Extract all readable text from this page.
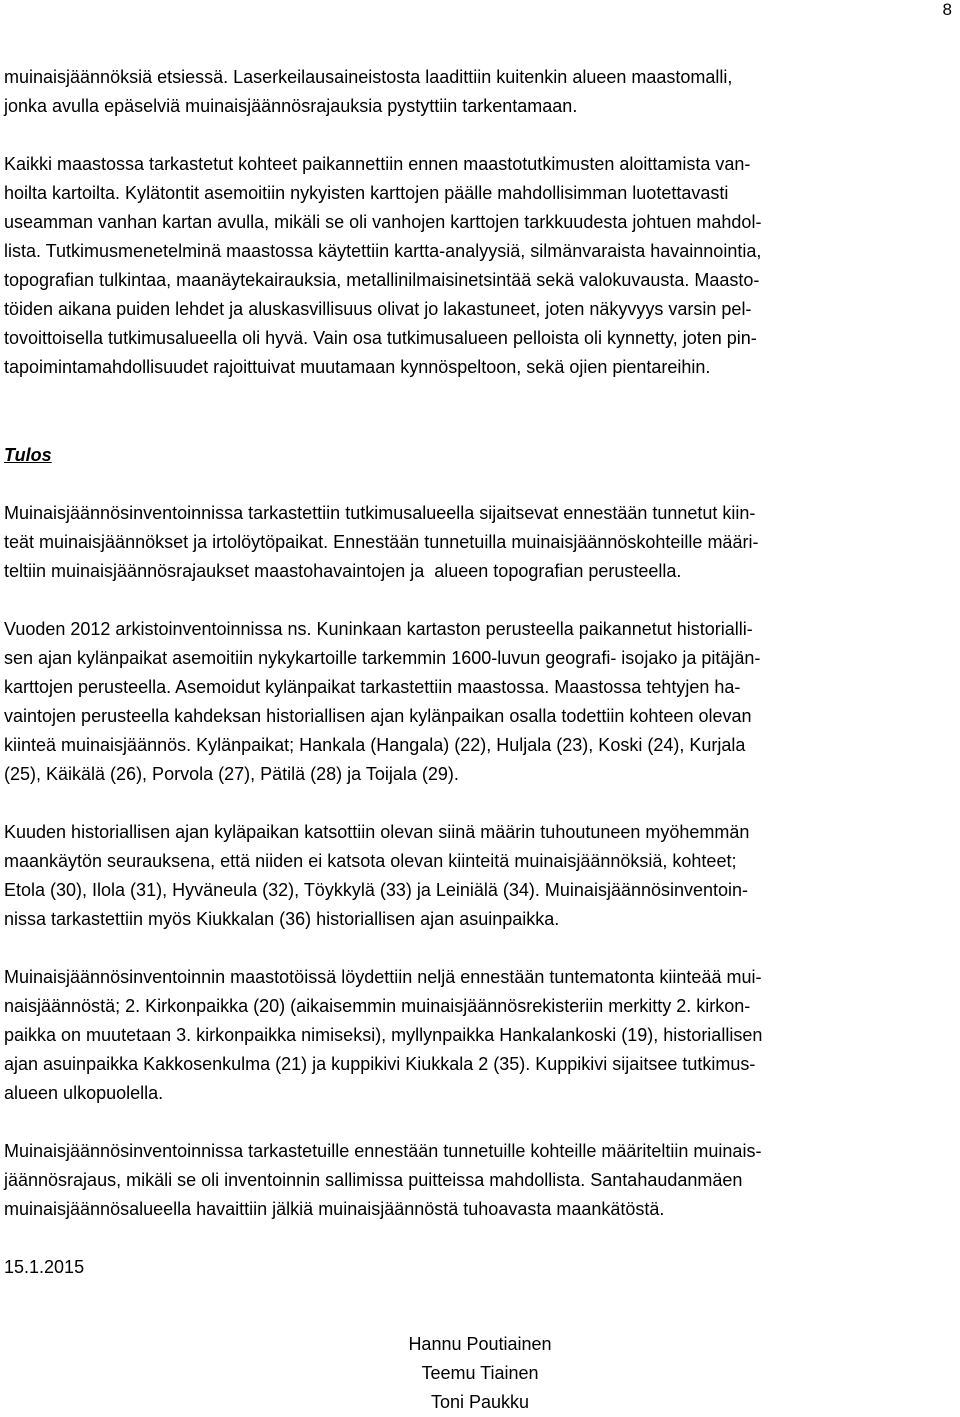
8
muinaisjäännöksiä etsiessä. Laserkeilausaineistosta laadittiin kuitenkin alueen maastomalli,
jonka avulla epäselviä muinaisjäännösrajauksia pystyttiin tarkentamaan.
Kaikki maastossa tarkastetut kohteet paikannettiin ennen maastotutkimusten aloittamista van-
hoilta kartoilta. Kylätontit asemoitiin nykyisten karttojen päälle mahdollisimman luotettavasti
useamman vanhan kartan avulla, mikäli se oli vanhojen karttojen tarkkuudesta johtuen mahdol-
lista. Tutkimusmenetelminä maastossa käytettiin kartta-analyysiä, silmänvaraista havainnointia,
topografian tulkintaa, maanäytekairauksia, metallinilmaisinetsintää sekä valokuvausta. Maasto-
töiden aikana puiden lehdet ja aluskasvillisuus olivat jo lakastuneet, joten näkyvyys varsin pel-
tovoittoisella tutkimusalueella oli hyvä. Vain osa tutkimusalueen pelloista oli kynnetty, joten pin-
tapoimintamahdollisuudet rajoittuivat muutamaan kynnöspeltoon, sekä ojien pientareihin.
Tulos
Muinaisjäännösinventoinnissa tarkastettiin tutkimusalueella sijaitsevat ennestään tunnetut kiin-
teät muinaisjäännökset ja irtolöytöpaikat. Ennestään tunnetuilla muinaisjäännöskohteille määri-
teltiin muinaisjäännösrajaukset maastohavaintojen ja  alueen topografian perusteella.
Vuoden 2012 arkistoinventoinnissa ns. Kuninkaan kartaston perusteella paikannetut historialli-
sen ajan kylänpaikat asemoitiin nykykartoille tarkemmin 1600-luvun geografi- isojako ja pitäjän-
karttojen perusteella. Asemoidut kylänpaikat tarkastettiin maastossa. Maastossa tehtyjen ha-
vaintojen perusteella kahdeksan historiallisen ajan kylänpaikan osalla todettiin kohteen olevan
kiinteä muinaisjäännös. Kylänpaikat; Hankala (Hangala) (22), Huljala (23), Koski (24), Kurjala
(25), Käikälä (26), Porvola (27), Pätilä (28) ja Toijala (29).
Kuuden historiallisen ajan kyläpaikan katsottiin olevan siinä määrin tuhoutuneen myöhemmän
maankäytön seurauksena, että niiden ei katsota olevan kiinteitä muinaisjäännöksiä, kohteet;
Etola (30), Ilola (31), Hyväneula (32), Töykkylä (33) ja Leiniälä (34). Muinaisjäännösinventoin-
nissa tarkastettiin myös Kiukkalan (36) historiallisen ajan asuinpaikka.
Muinaisjäännösinventoinnin maastotöissä löydettiin neljä ennestään tuntematonta kiinteää mui-
naisjäännöstä; 2. Kirkonpaikka (20) (aikaisemmin muinaisjäännösrekisteriin merkitty 2. kirkon-
paikka on muutetaan 3. kirkonpaikka nimiseksi), myllynpaikka Hankalankoski (19), historiallisen
ajan asuinpaikka Kakkosenkulma (21) ja kuppikivi Kiukkala 2 (35). Kuppikivi sijaitsee tutkimus-
alueen ulkopuolella.
Muinaisjäännösinventoinnissa tarkastetuille ennestään tunnetuille kohteille määriteltiin muinais-
jäännösrajaus, mikäli se oli inventoinnin sallimissa puitteissa mahdollista. Santahaudanmäen
muinaisjäännösalueella havaittiin jälkiä muinaisjäännöstä tuhoavasta maankätöstä.
15.1.2015
Hannu Poutiainen
Teemu Tiainen
Toni Paukku
